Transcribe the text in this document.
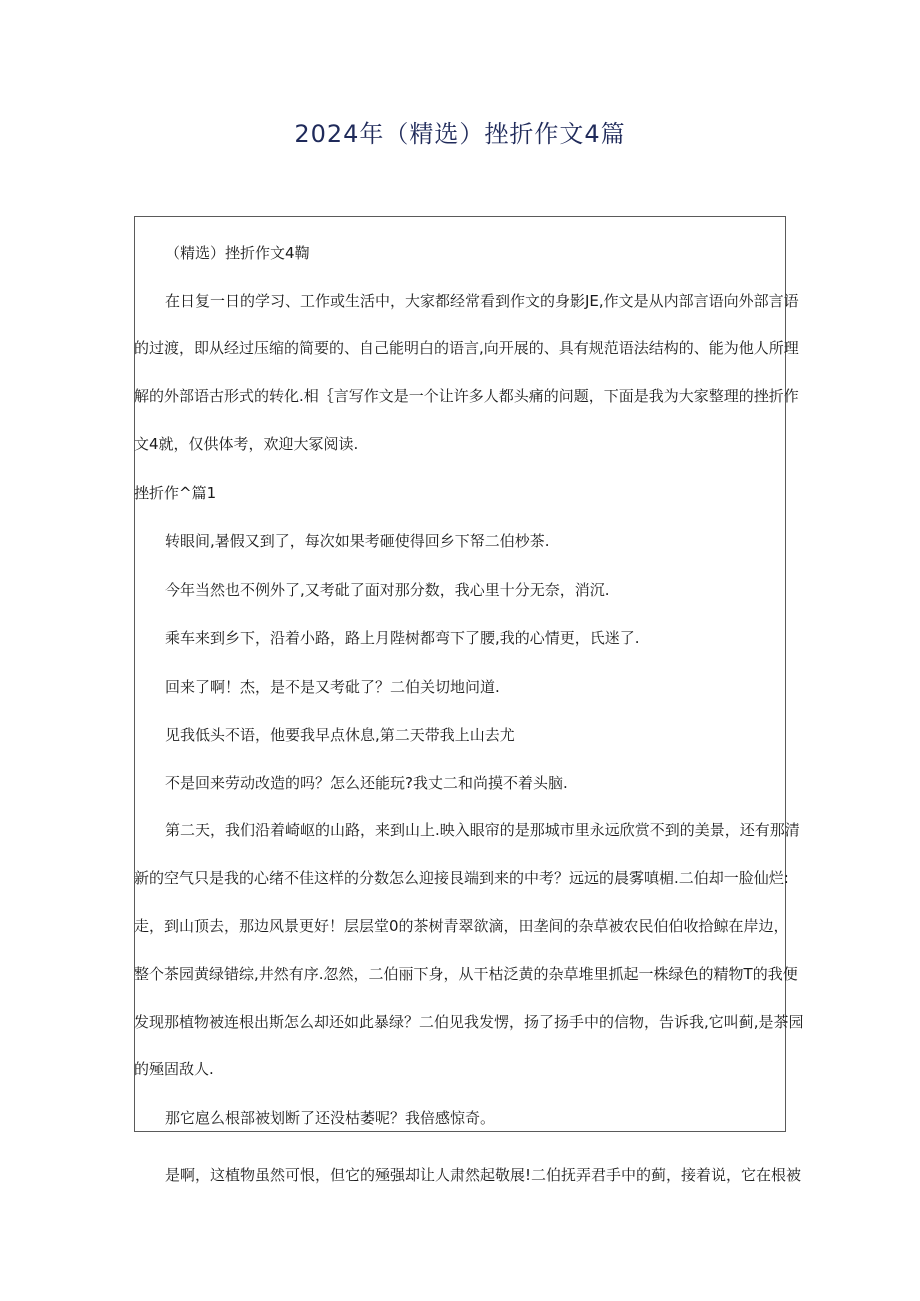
2024年（精选）挫折作文4篇
（精选）挫折作文4鞫
在日复一日的学习、工作或生活中，大家都经常看到作文的身影JE,作文是从内部言语向外部言语
的过渡，即从经过压缩的简要的、自己能明白的语言,向开展的、具有规范语法结构的、能为他人所理
解的外部语古形式的转化.相｛言写作文是一个让许多人都头痛的问题，下面是我为大家整理的挫折作
文4就，仅供体考，欢迎大冢阅读.
挫折作^篇1
转眼间,暑假又到了，每次如果考砸使得回乡下帑二伯杪茶.
今年当然也不例外了,又考砒了面对那分数，我心里十分无奈，消沉.
乘车来到乡下，沿着小路，路上月陛树都弯下了腰,我的心情更，氏迷了.
回来了啊！杰，是不是又考砒了？二伯关切地问道.
见我低头不语，他要我早点休息,第二天带我上山去尤
不是回来劳动改造的吗？怎么还能玩?我丈二和尚摸不着头脑.
第二天，我们沿着崎岖的山路，来到山上.映入眼帘的是那城市里永远欣赏不到的美景，还有那清
新的空气只是我的心绪不佳这样的分数怎么迎接艮端到来的中考？远远的晨雾嗔楣.二伯却一脸仙烂:
走，到山顶去，那边风景更好！层层堂0的茶树青翠欲滴，田垄间的杂草被农民伯伯收拾鲸在岸边，
整个茶园黄绿错综,井然有序.忽然，二伯丽下身，从干枯泛黄的杂草堆里抓起一株绿色的精物T的我便
发现那植物被连根出斯怎么却还如此暴绿？二伯见我发愣，扬了扬手中的信物，告诉我,它叫蓟,是茶园
的殛固敌人.
那它扈么根部被划断了还没枯萎呢？我倍感惊奇。
是啊，这植物虽然可恨，但它的殛强却让人肃然起敬展!二伯抚弄君手中的蓟，接着说，它在根被
